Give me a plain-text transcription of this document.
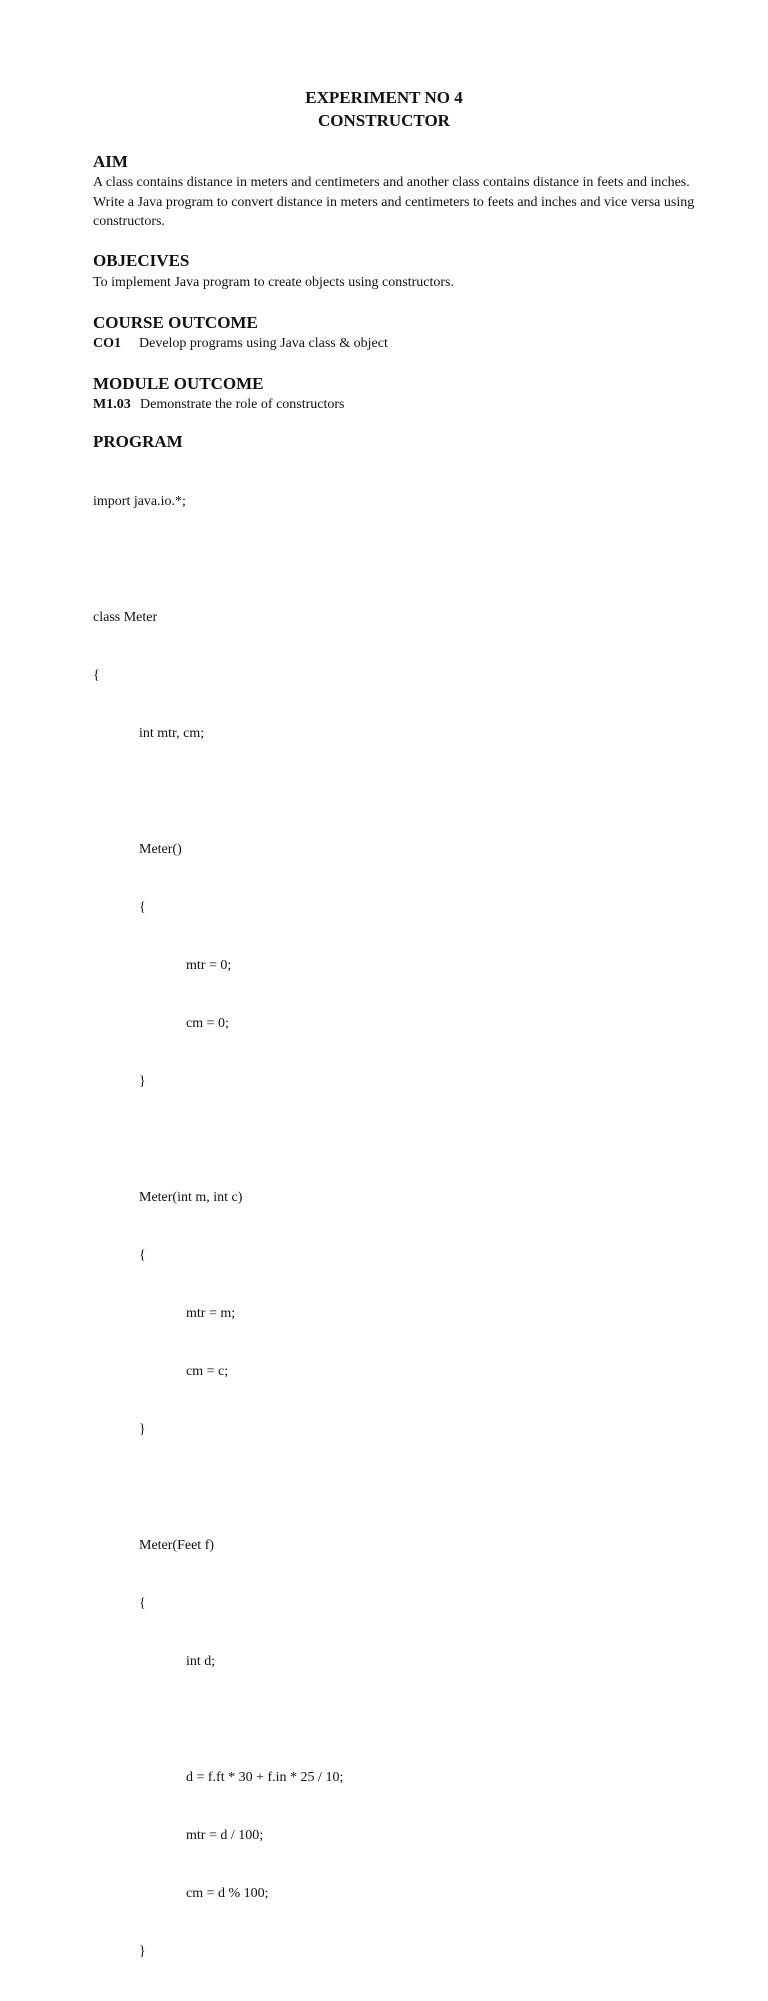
EXPERIMENT NO 4
CONSTRUCTOR
AIM
A class contains distance in meters and centimeters and another class contains distance in feets and inches. Write a Java program to convert distance in meters and centimeters to feets and inches and vice versa using constructors.
OBJECIVES
To implement Java program to create objects using constructors.
COURSE OUTCOME
CO1 Develop programs using Java class & object
MODULE OUTCOME
M1.03 Demonstrate the role of constructors
PROGRAM

import java.io.*;

class Meter

{

int mtr, cm;

Meter()

{

mtr = 0;

cm = 0;

}

Meter(int m, int c)

{

mtr = m;

cm = c;

}

Meter(Feet f)

{

int d;

d = f.ft * 30 + f.in * 25 / 10;

mtr = d / 100;

cm = d % 100;

}
